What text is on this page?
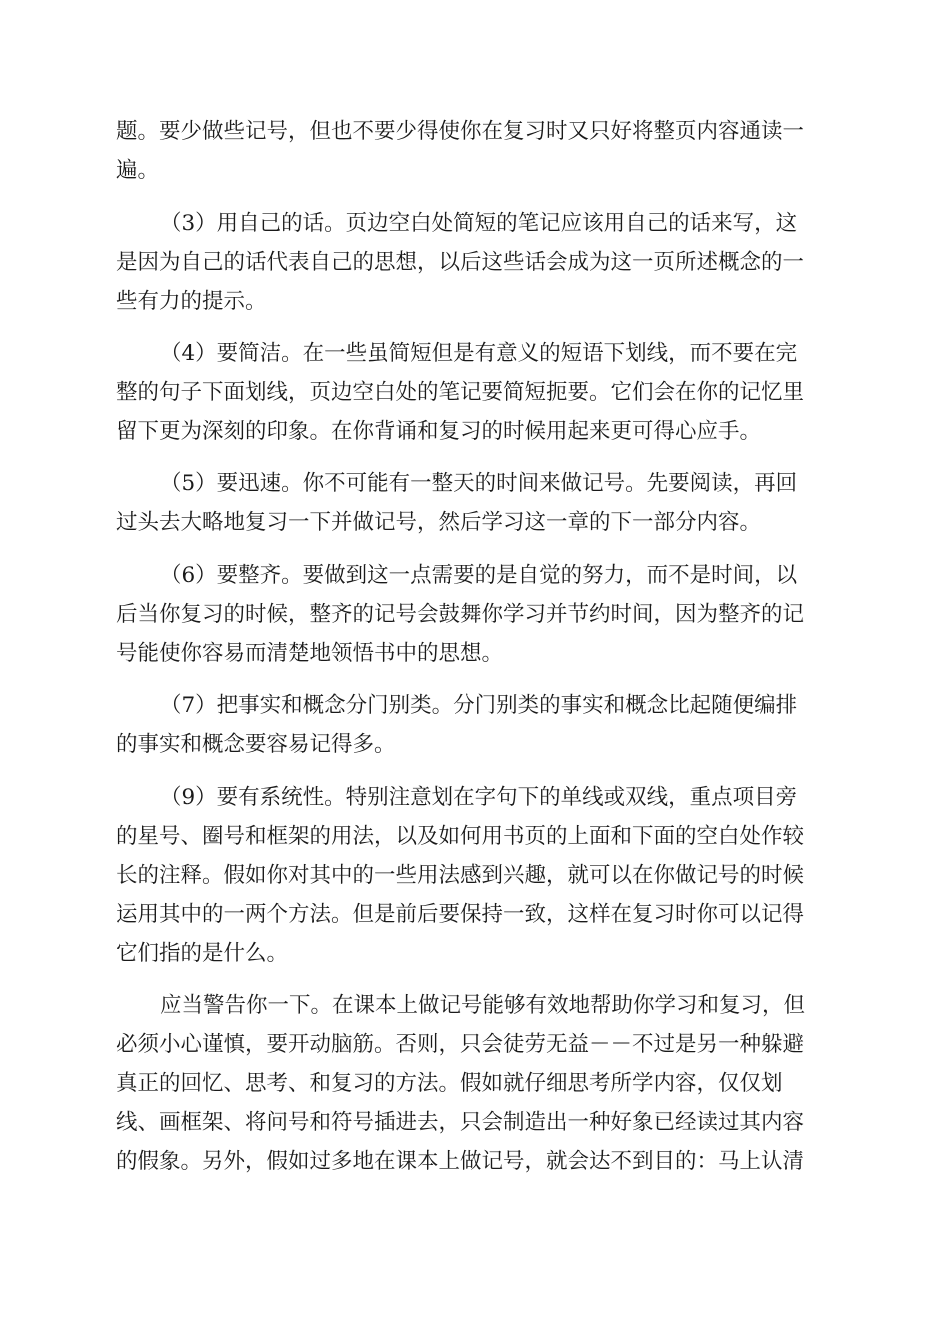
题。要少做些记号，但也不要少得使你在复习时又只好将整页内容通读一
遍。
（3）用自己的话。页边空白处简短的笔记应该用自己的话来写，这
是因为自己的话代表自己的思想，以后这些话会成为这一页所述概念的一
些有力的提示。
（4）要简洁。在一些虽简短但是有意义的短语下划线，而不要在完
整的句子下面划线，页边空白处的笔记要简短扼要。它们会在你的记忆里
留下更为深刻的印象。在你背诵和复习的时候用起来更可得心应手。
（5）要迅速。你不可能有一整天的时间来做记号。先要阅读，再回
过头去大略地复习一下并做记号，然后学习这一章的下一部分内容。
（6）要整齐。要做到这一点需要的是自觉的努力，而不是时间，以
后当你复习的时候，整齐的记号会鼓舞你学习并节约时间，因为整齐的记
号能使你容易而清楚地领悟书中的思想。
（7）把事实和概念分门别类。分门别类的事实和概念比起随便编排
的事实和概念要容易记得多。
（9）要有系统性。特别注意划在字句下的单线或双线，重点项目旁
的星号、圈号和框架的用法，以及如何用书页的上面和下面的空白处作较
长的注释。假如你对其中的一些用法感到兴趣，就可以在你做记号的时候
运用其中的一两个方法。但是前后要保持一致，这样在复习时你可以记得
它们指的是什么。
应当警告你一下。在课本上做记号能够有效地帮助你学习和复习，但
必须小心谨慎，要开动脑筋。否则，只会徒劳无益－－不过是另一种躲避
真正的回忆、思考、和复习的方法。假如就仔细思考所学内容，仅仅划
线、画框架、将问号和符号插进去，只会制造出一种好象已经读过其内容
的假象。另外，假如过多地在课本上做记号，就会达不到目的：马上认清
